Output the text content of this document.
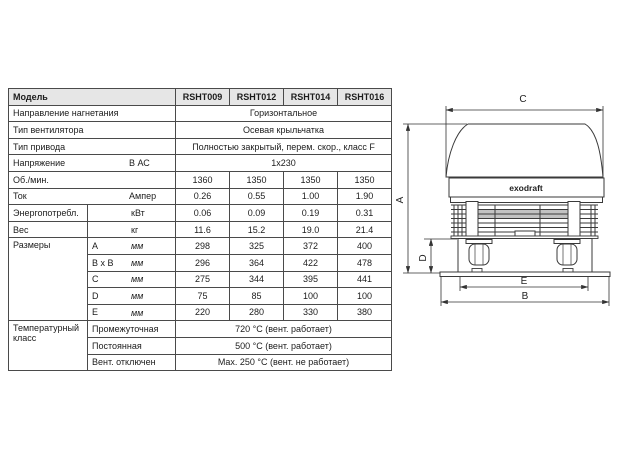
Модель		RSHT009	RSHT012	RSHT014	RSHT016
Направление нагнетания		Горизонтальное			
Тип вентилятора		Осевая крыльчатка			
Тип привода		Полностью закрытый, перем. скор., класс F			
Напряжение В АС		1x230			
Об./мин.		1360	1350	1350	1350
Ток Ампер		0.26	0.55	1.00	1.90
Энергопотребл.	кВт	0.06	0.09	0.19	0.31
Вес	кг	11.6	15.2	19.0	21.4
Размеры	A мм	298	325	372	400
	B x B мм	296	364	422	478
	C мм	275	344	395	441
	D мм	75	85	100	100
	E мм	220	280	330	380
Температурный класс	Промежуточная	720 °C (вент. работает)			
	Постоянная	500 °C (вент. работает)			
	Вент. отключен	Max. 250 °C (вент. не работает)			
exodraft
C
A
D
E
B
